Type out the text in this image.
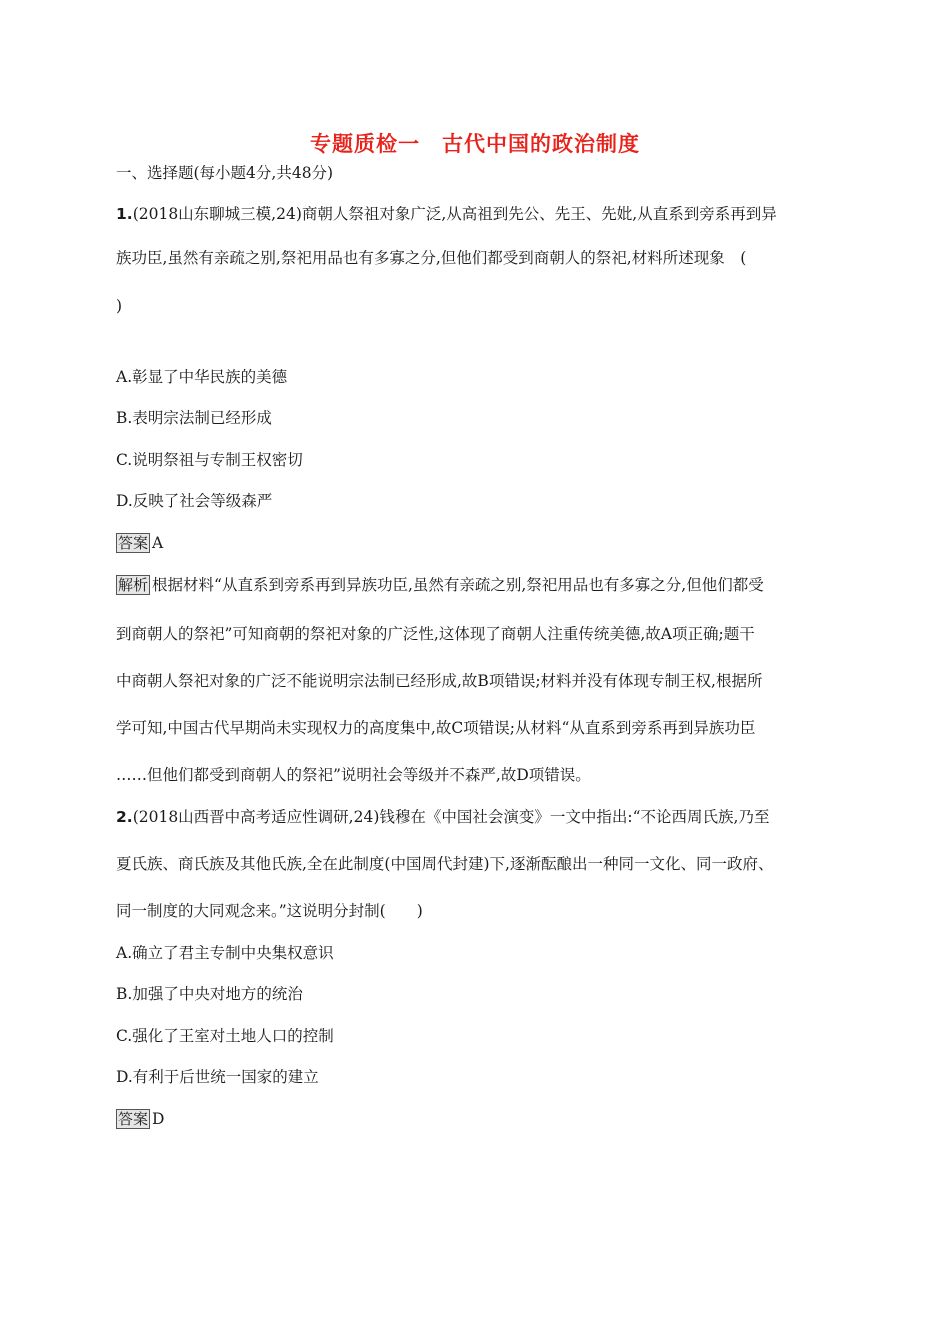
专题质检一　古代中国的政治制度
一、选择题(每小题4分,共48分)
1.(2018山东聊城三模,24)商朝人祭祖对象广泛,从高祖到先公、先王、先妣,从直系到旁系再到异
族功臣,虽然有亲疏之别,祭祀用品也有多寡之分,但他们都受到商朝人的祭祀,材料所述现象　(
)
A.彰显了中华民族的美德
B.表明宗法制已经形成
C.说明祭祖与专制王权密切
D.反映了社会等级森严
答案 A
解析 根据材料“从直系到旁系再到异族功臣,虽然有亲疏之别,祭祀用品也有多寡之分,但他们都受
到商朝人的祭祀”可知商朝的祭祀对象的广泛性,这体现了商朝人注重传统美德,故A项正确;题干
中商朝人祭祀对象的广泛不能说明宗法制已经形成,故B项错误;材料并没有体现专制王权,根据所
学可知,中国古代早期尚未实现权力的高度集中,故C项错误;从材料“从直系到旁系再到异族功臣
……但他们都受到商朝人的祭祀”说明社会等级并不森严,故D项错误。
2.(2018山西晋中高考适应性调研,24)钱穆在《中国社会演变》一文中指出:“不论西周氏族,乃至
夏氏族、商氏族及其他氏族,全在此制度(中国周代封建)下,逐渐酝酿出一种同一文化、同一政府、
同一制度的大同观念来。”这说明分封制(　　)
A.确立了君主专制中央集权意识
B.加强了中央对地方的统治
C.强化了王室对土地人口的控制
D.有利于后世统一国家的建立
答案 D
